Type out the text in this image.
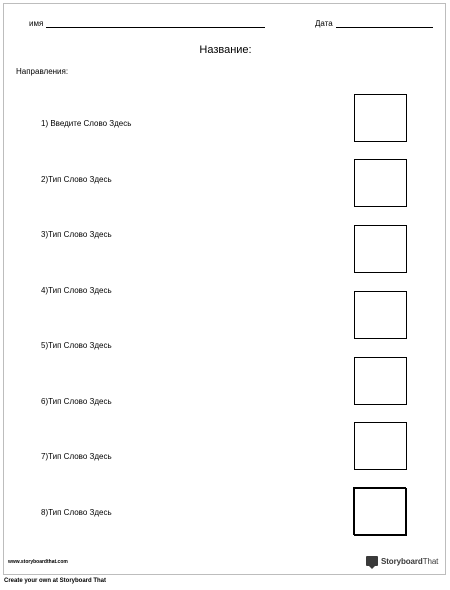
имя	Дата
Название:
Направления:
1) Введите Слово Здесь
2)Тип Слово Здесь
3)Тип Слово Здесь
4)Тип Слово Здесь
5)Тип Слово Здесь
6)Тип Слово Здесь
7)Тип Слово Здесь
8)Тип Слово Здесь
www.storyboardthat.com	StoryboardThat
Create your own at Storyboard That
